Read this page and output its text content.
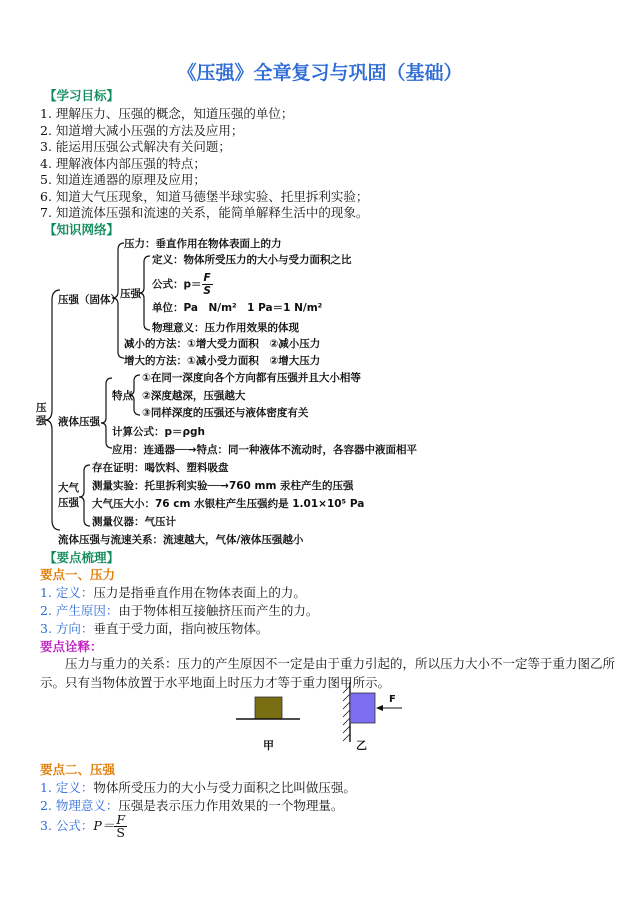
《压强》全章复习与巩固（基础）
【学习目标】
1. 理解压力、压强的概念，知道压强的单位；
2. 知道增大减小压强的方法及应用；
3. 能运用压强公式解决有关问题；
4. 理解液体内部压强的特点；
5. 知道连通器的原理及应用；
6. 知道大气压现象，知道马德堡半球实验、托里拆利实验；
7. 知道流体压强和流速的关系，能简单解释生活中的现象。
【知识网络】
压强
压强（固体）
压力：垂直作用在物体表面上的力
压强
定义：物体所受压力的大小与受力面积之比
公式：$p= \frac{F}{S}$
单位：Pa　N/m²　1 Pa＝1 N/m²
物理意义：压力作用效果的体现
减小的方法：①增大受力面积　②减小压力
增大的方法：①减小受力面积　②增大压力
液体压强
特点
①在同一深度向各个方向都有压强并且大小相等
②深度越深，压强越大
③同样深度的压强还与液体密度有关
计算公式：p＝ρgh
应用：连通器──→特点：同一种液体不流动时，各容器中液面相平
大气
压强
存在证明：喝饮料、塑料吸盘
测量实验：托里拆利实验──→760 mm 汞柱产生的压强
大气压大小：76 cm 水银柱产生压强约是 1.01×10⁵ Pa
测量仪器：气压计
流体压强与流速关系：流速越大，气体/液体压强越小
【要点梳理】
要点一、压力
1. 定义：压力是指垂直作用在物体表面上的力。
2. 产生原因：由于物体相互接触挤压而产生的力。
3. 方向：垂直于受力面，指向被压物体。
要点诠释：
压力与重力的关系：压力的产生原因不一定是由于重力引起的，所以压力大小不一定等于重力图乙所示。只有当物体放置于水平地面上时压力才等于重力图甲所示。
F
甲	乙
要点二、压强
1. 定义：物体所受压力的大小与受力面积之比叫做压强。
2. 物理意义：压强是表示压力作用效果的一个物理量。
3. 公式：$P= \frac{F}{S}$
